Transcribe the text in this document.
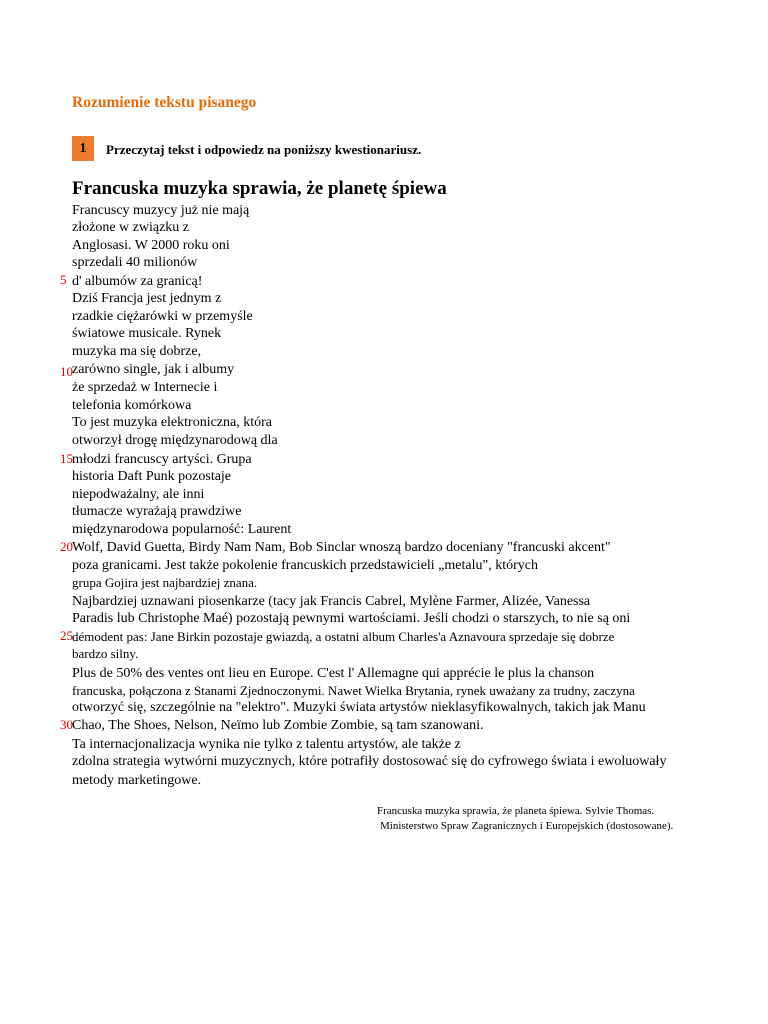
Rozumienie tekstu pisanego
1	Przeczytaj tekst i odpowiedz na poniższy kwestionariusz.
Francuska muzyka sprawia, że planetę śpiewa
Francuscy muzycy już nie mają
złożone w związku z
Anglosasi. W 2000 roku oni
sprzedali 40 milionów
5 d' albumów za granicą!
Dziś Francja jest jednym z
rzadkie ciężarówki w przemyśle
światowe musicale. Rynek
muzyka ma się dobrze,
10 zarówno single, jak i albumy
że sprzedaż w Internecie i
telefonia komórkowa
To jest muzyka elektroniczna, która
otworzył drogę międzynarodową dla
15 młodzi francuscy artyści. Grupa
historia Daft Punk pozostaje
niepodważalny, ale inni
tłumacze wyrażają prawdziwe
międzynarodowa popularność: Laurent
20 Wolf, David Guetta, Birdy Nam Nam, Bob Sinclar wnoszą bardzo doceniany "francuski akcent"
poza granicami. Jest także pokolenie francuskich przedstawicieli „metalu", których
grupa Gojira jest najbardziej znana.
Najbardziej uznawani piosenkarze (tacy jak Francis Cabrel, Mylène Farmer, Alizée, Vanessa
Paradis lub Christophe Maé) pozostają pewnymi wartościami. Jeśli chodzi o starszych, to nie są oni
25 démodent pas: Jane Birkin pozostaje gwiazdą, a ostatni album Charles'a Aznavoura sprzedaje się dobrze
bardzo silny.
Plus de 50% des ventes ont lieu en Europe. C'est l' Allemagne qui apprécie le plus la chanson
francuska, połączona z Stanami Zjednoczonymi. Nawet Wielka Brytania, rynek uważany za trudny, zaczyna
otworzyć się, szczególnie na "elektro". Muzyki świata artystów nieklasyfikowalnych, takich jak Manu
30 Chao, The Shoes, Nelson, Neïmo lub Zombie Zombie, są tam szanowani.
Ta internacjonalizacja wynika nie tylko z talentu artystów, ale także z
zdolna strategia wytwórni muzycznych, które potrafiły dostosować się do cyfrowego świata i ewoluowały
metody marketingowe.
Francuska muzyka sprawia, że planeta śpiewa. Sylvie Thomas.
Ministerstwo Spraw Zagranicznych i Europejskich (dostosowane).
